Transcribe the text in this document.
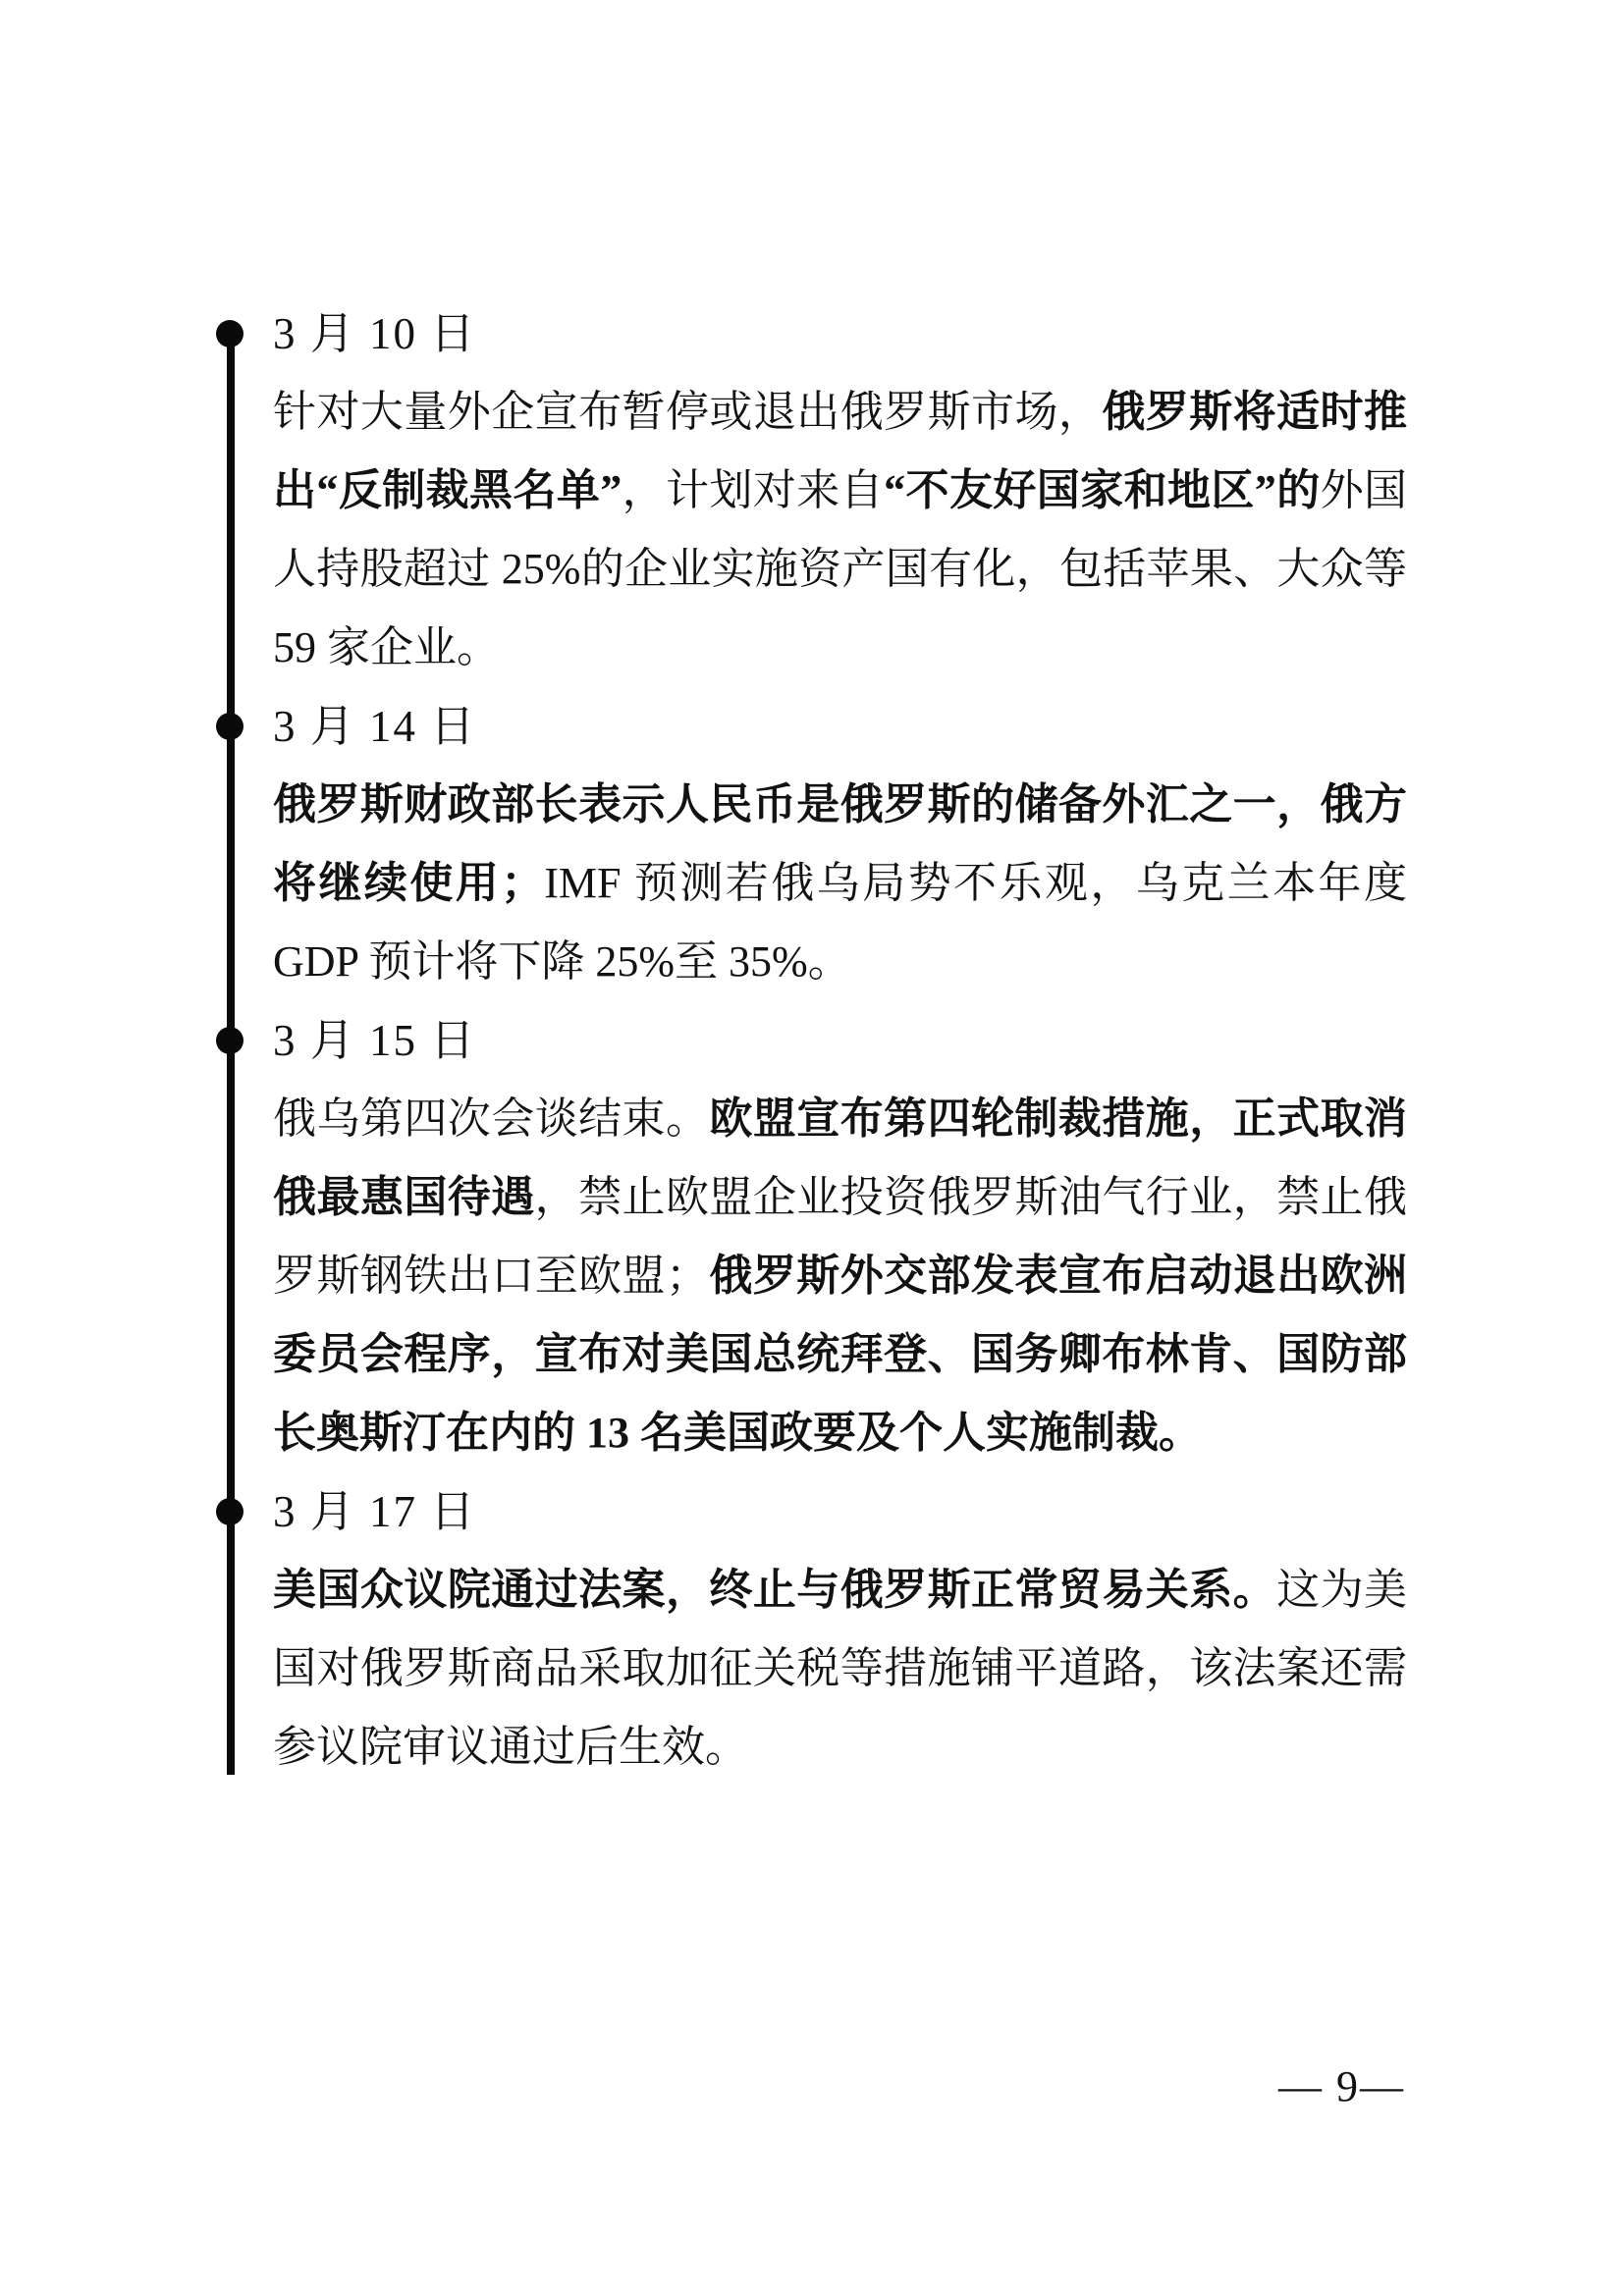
3 月 10 日

针对大量外企宣布暂停或退出俄罗斯市场，俄罗斯将适时推出“反制裁黑名单”，计划对来自“不友好国家和地区”的外国人持股超过 25%的企业实施资产国有化，包括苹果、大众等 59 家企业。

3 月 14 日

俄罗斯财政部长表示人民币是俄罗斯的储备外汇之一，俄方将继续使用；IMF 预测若俄乌局势不乐观，乌克兰本年度 GDP 预计将下降 25%至 35%。

3 月 15 日

俄乌第四次会谈结束。欧盟宣布第四轮制裁措施，正式取消俄最惠国待遇，禁止欧盟企业投资俄罗斯油气行业，禁止俄罗斯钢铁出口至欧盟；俄罗斯外交部发表宣布启动退出欧洲委员会程序，宣布对美国总统拜登、国务卿布林肯、国防部长奥斯汀在内的 13 名美国政要及个人实施制裁。

3 月 17 日

美国众议院通过法案，终止与俄罗斯正常贸易关系。这为美国对俄罗斯商品采取加征关税等措施铺平道路，该法案还需参议院审议通过后生效。

— 9—
